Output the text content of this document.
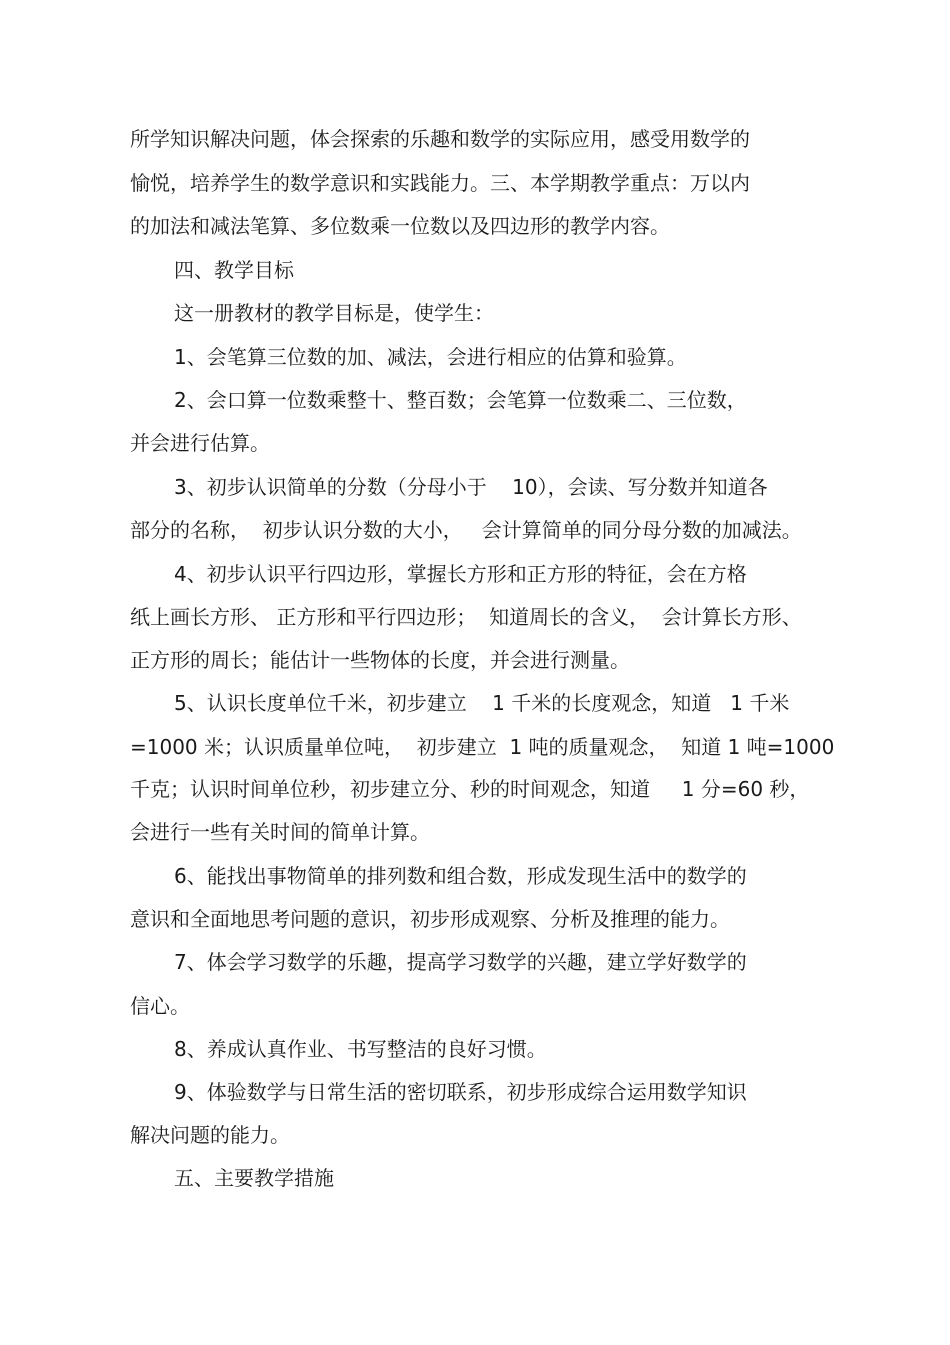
所学知识解决问题，体会探索的乐趣和数学的实际应用，感受用数学的
愉悦，培养学生的数学意识和实践能力。三、本学期教学重点：万以内
的加法和减法笔算、多位数乘一位数以及四边形的教学内容。
四、教学目标
这一册教材的教学目标是，使学生：
1、会笔算三位数的加、减法，会进行相应的估算和验算。
2、会口算一位数乘整十、整百数；会笔算一位数乘二、三位数，
并会进行估算。
3、初步认识简单的分数（分母小于    10），会读、写分数并知道各
部分的名称，  初步认识分数的大小，   会计算简单的同分母分数的加减法。
4、初步认识平行四边形，掌握长方形和正方形的特征，会在方格
纸上画长方形、 正方形和平行四边形；  知道周长的含义，  会计算长方形、
正方形的周长；能估计一些物体的长度，并会进行测量。
5、认识长度单位千米，初步建立    1 千米的长度观念，知道   1 千米
=1000 米；认识质量单位吨，  初步建立  1 吨的质量观念，  知道 1 吨=1000
千克；认识时间单位秒，初步建立分、秒的时间观念，知道     1 分=60 秒，
会进行一些有关时间的简单计算。
6、能找出事物简单的排列数和组合数，形成发现生活中的数学的
意识和全面地思考问题的意识，初步形成观察、分析及推理的能力。
7、体会学习数学的乐趣，提高学习数学的兴趣，建立学好数学的
信心。
8、养成认真作业、书写整洁的良好习惯。
9、体验数学与日常生活的密切联系，初步形成综合运用数学知识
解决问题的能力。
五、主要教学措施
